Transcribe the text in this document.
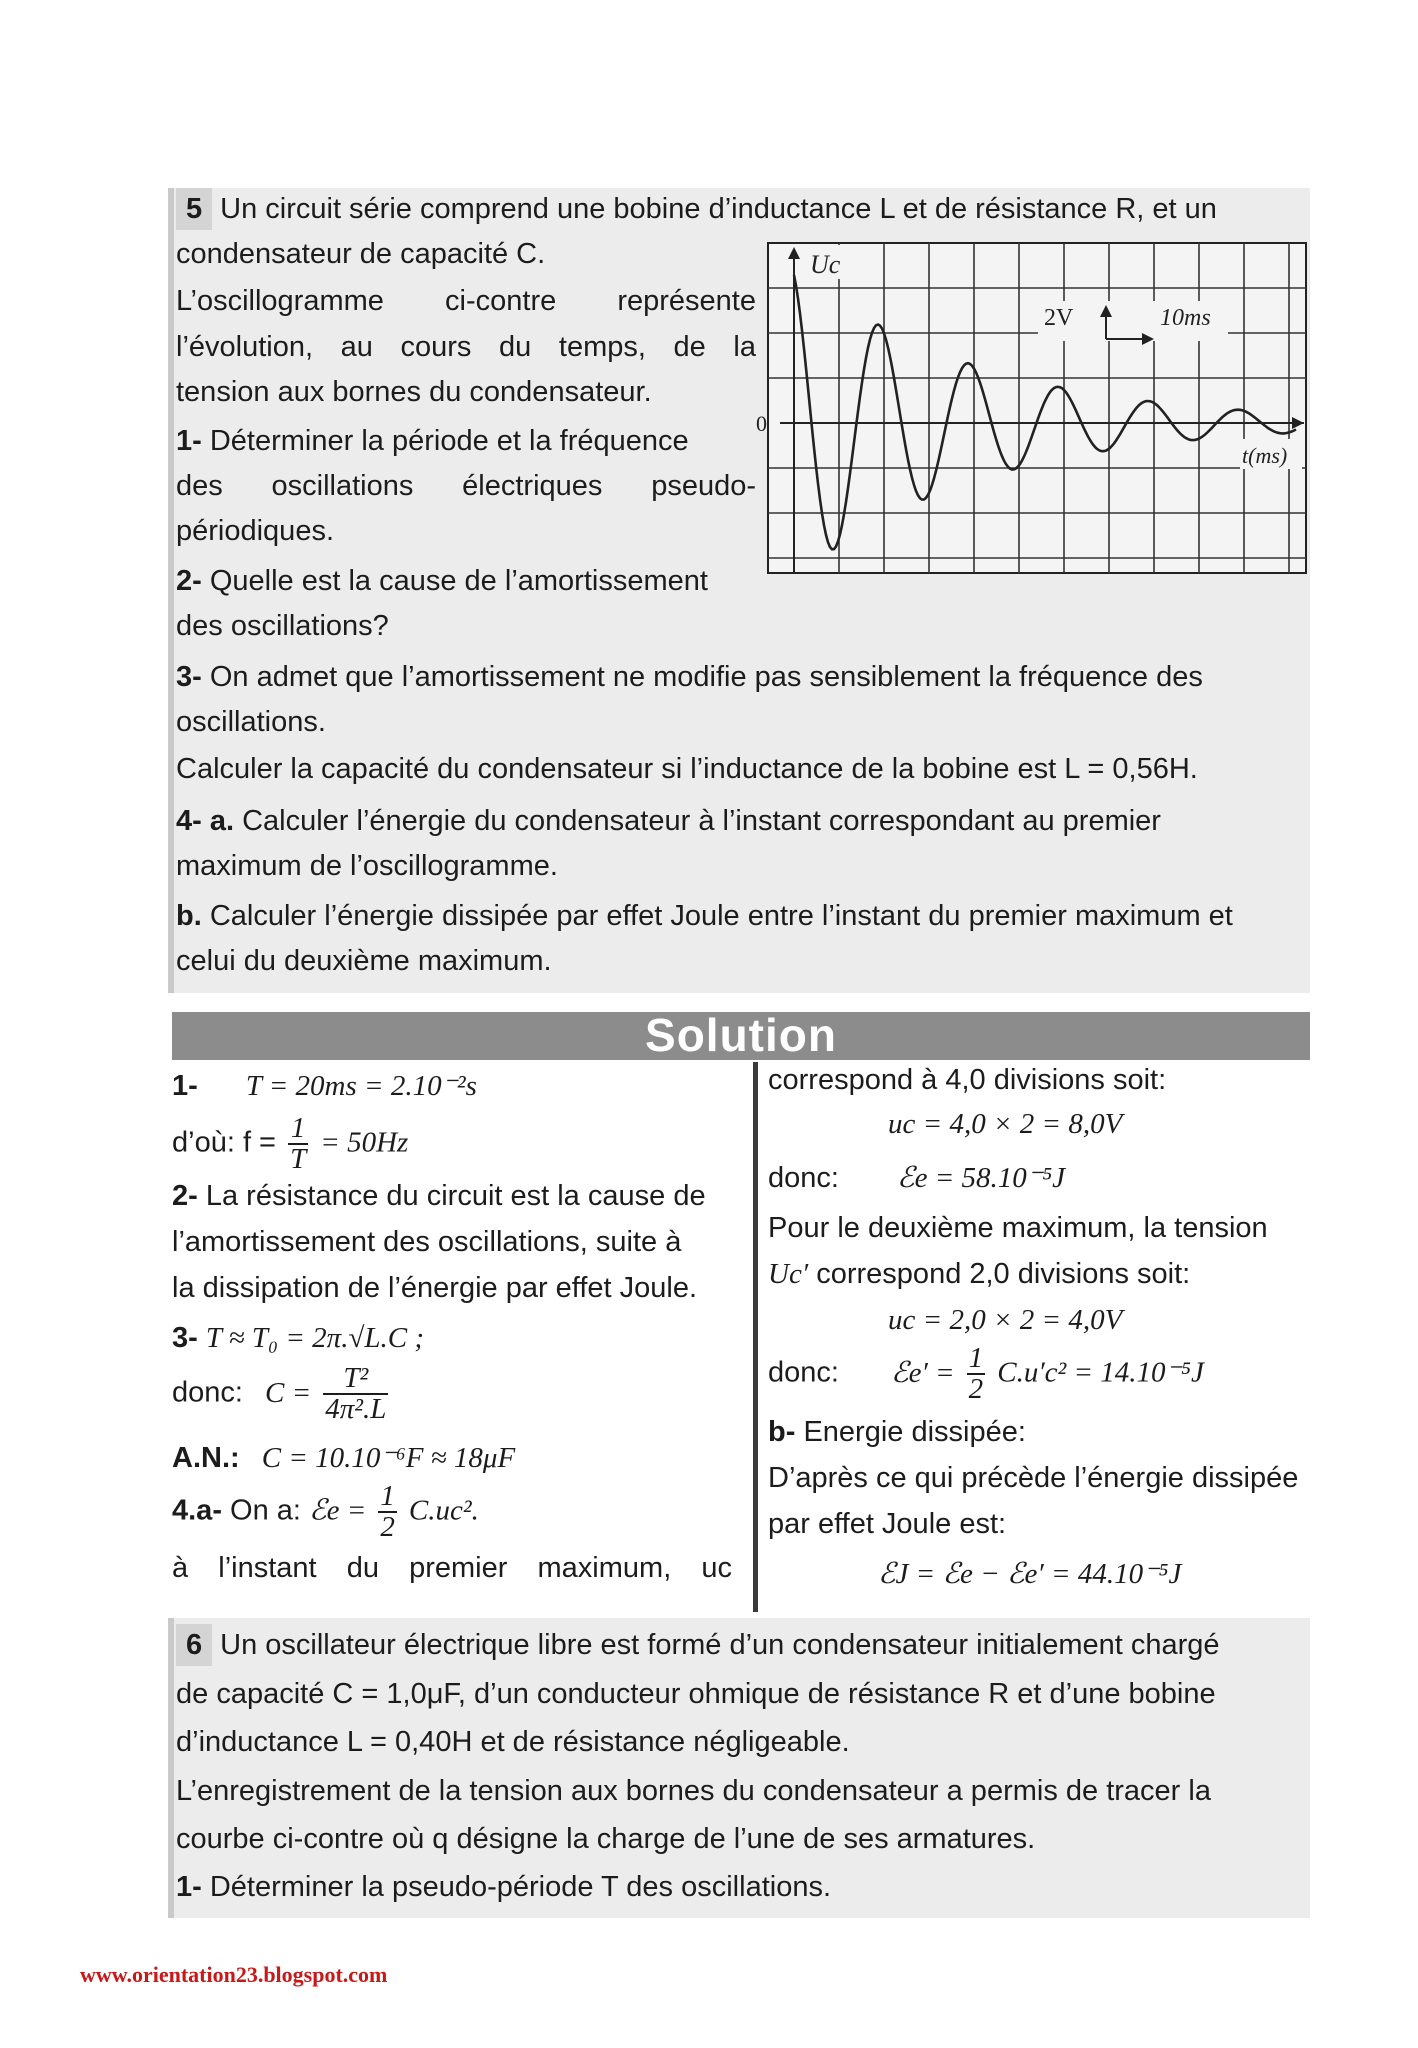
5 Un circuit série comprend une bobine d’inductance L et de résistance R, et un
condensateur de capacité C.
L’oscillogramme ci-contre représente
l’évolution, au cours du temps, de la
tension aux bornes du condensateur.
1- Déterminer la période et la fréquence
des oscillations électriques pseudo-
périodiques.
2- Quelle est la cause de l’amortissement
des oscillations?
3- On admet que l’amortissement ne modifie pas sensiblement la fréquence des
oscillations.
Calculer la capacité du condensateur si l’inductance de la bobine est L = 0,56H.
4- a. Calculer l’énergie du condensateur à l’instant correspondant au premier
maximum de l’oscillogramme.
b. Calculer l’énergie dissipée par effet Joule entre l’instant du premier maximum et
celui du deuxième maximum.
Uc
0
t(ms)
2V	10ms
Solution
1- T = 20ms = 2.10⁻²s
d’où: $f = \frac{1}{T} = 50Hz$
2- La résistance du circuit est la cause de
l’amortissement des oscillations, suite à
la dissipation de l’énergie par effet Joule.
3- T ≈ T₀ = 2π.√L.C ;
donc: $C = \frac{\text{T²}}{\text{4π².L}}$
A.N.: C = 10.10⁻⁶F ≈ 18μF
4.a- On a: ℰe = $\frac{1}{2} C.uc^2$.
à l’instant du premier maximum, uc
correspond à 4,0 divisions soit:
uc = 4,0 × 2 = 8,0V
donc: ℰe = 58.10⁻⁵J
Pour le deuxième maximum, la tension
Uc′ correspond 2,0 divisions soit:
uc = 2,0 × 2 = 4,0V
donc: ℰe′ = $\frac{1}{2} C.u'c^2 = 14.10^{-5}J$
b- Energie dissipée:
D’après ce qui précède l’énergie dissipée
par effet Joule est:
ℰJ = ℰe − ℰe′ = 44.10⁻⁵J
6 Un oscillateur électrique libre est formé d’un condensateur initialement chargé
de capacité C = 1,0μF, d’un conducteur ohmique de résistance R et d’une bobine
d’inductance L = 0,40H et de résistance négligeable.
L’enregistrement de la tension aux bornes du condensateur a permis de tracer la
courbe ci-contre où q désigne la charge de l’une de ses armatures.
1- Déterminer la pseudo-période T des oscillations.
www.orientation23.blogspot.com
